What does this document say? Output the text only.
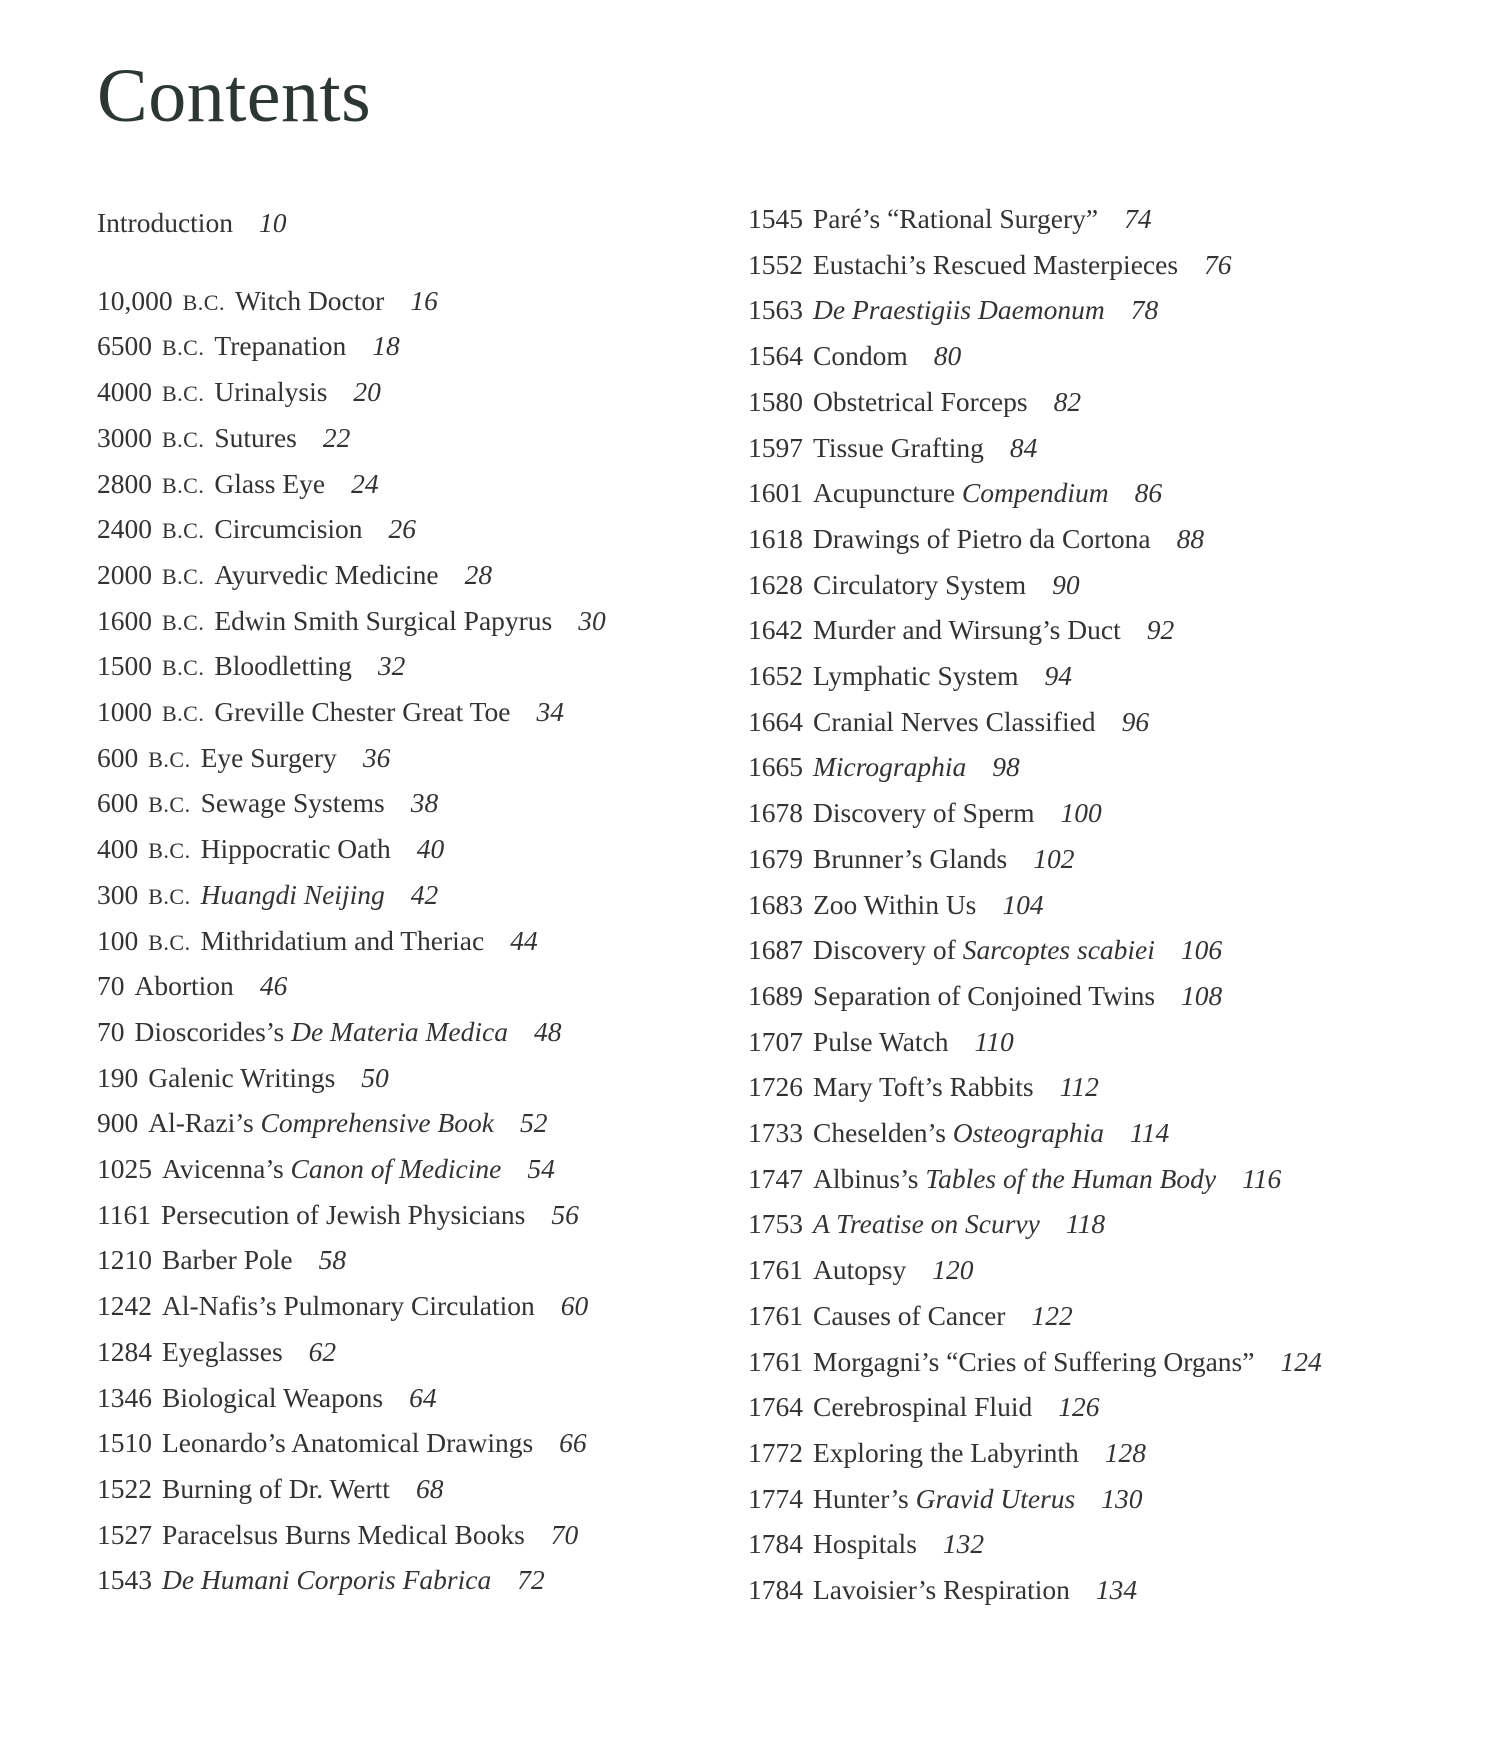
Contents
Introduction 10
10,000 B.C. Witch Doctor 16
6500 B.C. Trepanation 18
4000 B.C. Urinalysis 20
3000 B.C. Sutures 22
2800 B.C. Glass Eye 24
2400 B.C. Circumcision 26
2000 B.C. Ayurvedic Medicine 28
1600 B.C. Edwin Smith Surgical Papyrus 30
1500 B.C. Bloodletting 32
1000 B.C. Greville Chester Great Toe 34
600 B.C. Eye Surgery 36
600 B.C. Sewage Systems 38
400 B.C. Hippocratic Oath 40
300 B.C. Huangdi Neijing 42
100 B.C. Mithridatium and Theriac 44
70 Abortion 46
70 Dioscorides’s De Materia Medica 48
190 Galenic Writings 50
900 Al-Razi’s Comprehensive Book 52
1025 Avicenna’s Canon of Medicine 54
1161 Persecution of Jewish Physicians 56
1210 Barber Pole 58
1242 Al-Nafis’s Pulmonary Circulation 60
1284 Eyeglasses 62
1346 Biological Weapons 64
1510 Leonardo’s Anatomical Drawings 66
1522 Burning of Dr. Wertt 68
1527 Paracelsus Burns Medical Books 70
1543 De Humani Corporis Fabrica 72
1545 Paré’s “Rational Surgery” 74
1552 Eustachi’s Rescued Masterpieces 76
1563 De Praestigiis Daemonum 78
1564 Condom 80
1580 Obstetrical Forceps 82
1597 Tissue Grafting 84
1601 Acupuncture Compendium 86
1618 Drawings of Pietro da Cortona 88
1628 Circulatory System 90
1642 Murder and Wirsung’s Duct 92
1652 Lymphatic System 94
1664 Cranial Nerves Classified 96
1665 Micrographia 98
1678 Discovery of Sperm 100
1679 Brunner’s Glands 102
1683 Zoo Within Us 104
1687 Discovery of Sarcoptes scabiei 106
1689 Separation of Conjoined Twins 108
1707 Pulse Watch 110
1726 Mary Toft’s Rabbits 112
1733 Cheselden’s Osteographia 114
1747 Albinus’s Tables of the Human Body 116
1753 A Treatise on Scurvy 118
1761 Autopsy 120
1761 Causes of Cancer 122
1761 Morgagni’s “Cries of Suffering Organs” 124
1764 Cerebrospinal Fluid 126
1772 Exploring the Labyrinth 128
1774 Hunter’s Gravid Uterus 130
1784 Hospitals 132
1784 Lavoisier’s Respiration 134
